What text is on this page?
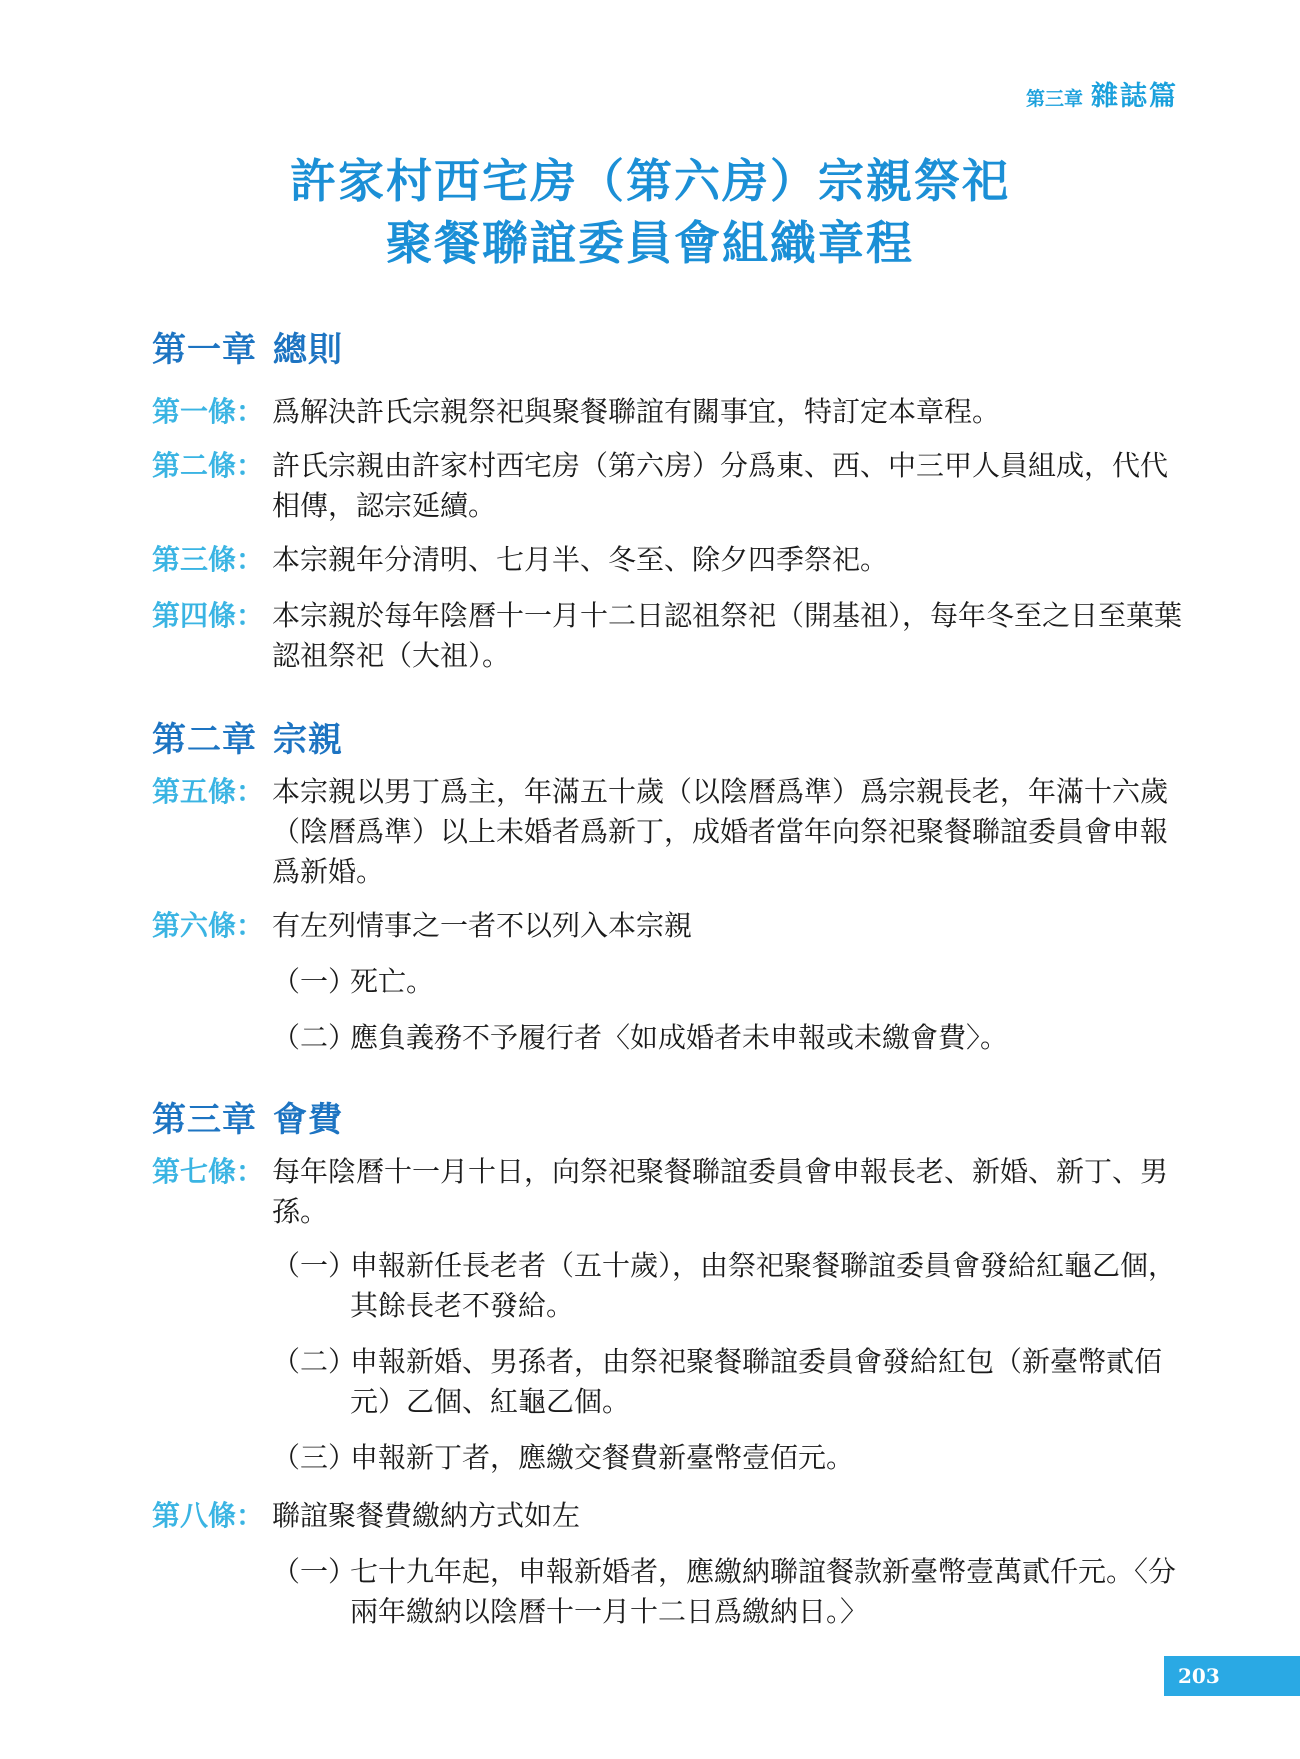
第三章 雜誌篇
許家村西宅房（第六房）宗親祭祀
聚餐聯誼委員會組織章程
第一章 總則
第一條： 爲解決許氏宗親祭祀與聚餐聯誼有關事宜，特訂定本章程。
第二條： 許氏宗親由許家村西宅房（第六房）分爲東、西、中三甲人員組成，代代相傳，認宗延續。
第三條： 本宗親年分清明、七月半、冬至、除夕四季祭祀。
第四條： 本宗親於每年陰曆十一月十二日認祖祭祀（開基祖），每年冬至之日至菓葉認祖祭祀（大祖）。
第二章 宗親
第五條： 本宗親以男丁爲主，年滿五十歲（以陰曆爲準）爲宗親長老，年滿十六歲（陰曆爲準）以上未婚者爲新丁，成婚者當年向祭祀聚餐聯誼委員會申報爲新婚。
第六條： 有左列情事之一者不以列入本宗親
（一）
死亡。
（二）
應負義務不予履行者〈如成婚者未申報或未繳會費〉。
第三章 會費
第七條： 每年陰曆十一月十日，向祭祀聚餐聯誼委員會申報長老、新婚、新丁、男孫。
（一）
申報新任長老者（五十歲），由祭祀聚餐聯誼委員會發給紅龜乙個，其餘長老不發給。
（二）
申報新婚、男孫者，由祭祀聚餐聯誼委員會發給紅包（新臺幣貳佰元）乙個、紅龜乙個。
（三）
申報新丁者，應繳交餐費新臺幣壹佰元。
第八條： 聯誼聚餐費繳納方式如左
（一）
七十九年起，申報新婚者，應繳納聯誼餐款新臺幣壹萬貳仟元。〈分兩年繳納以陰曆十一月十二日爲繳納日。〉
203
